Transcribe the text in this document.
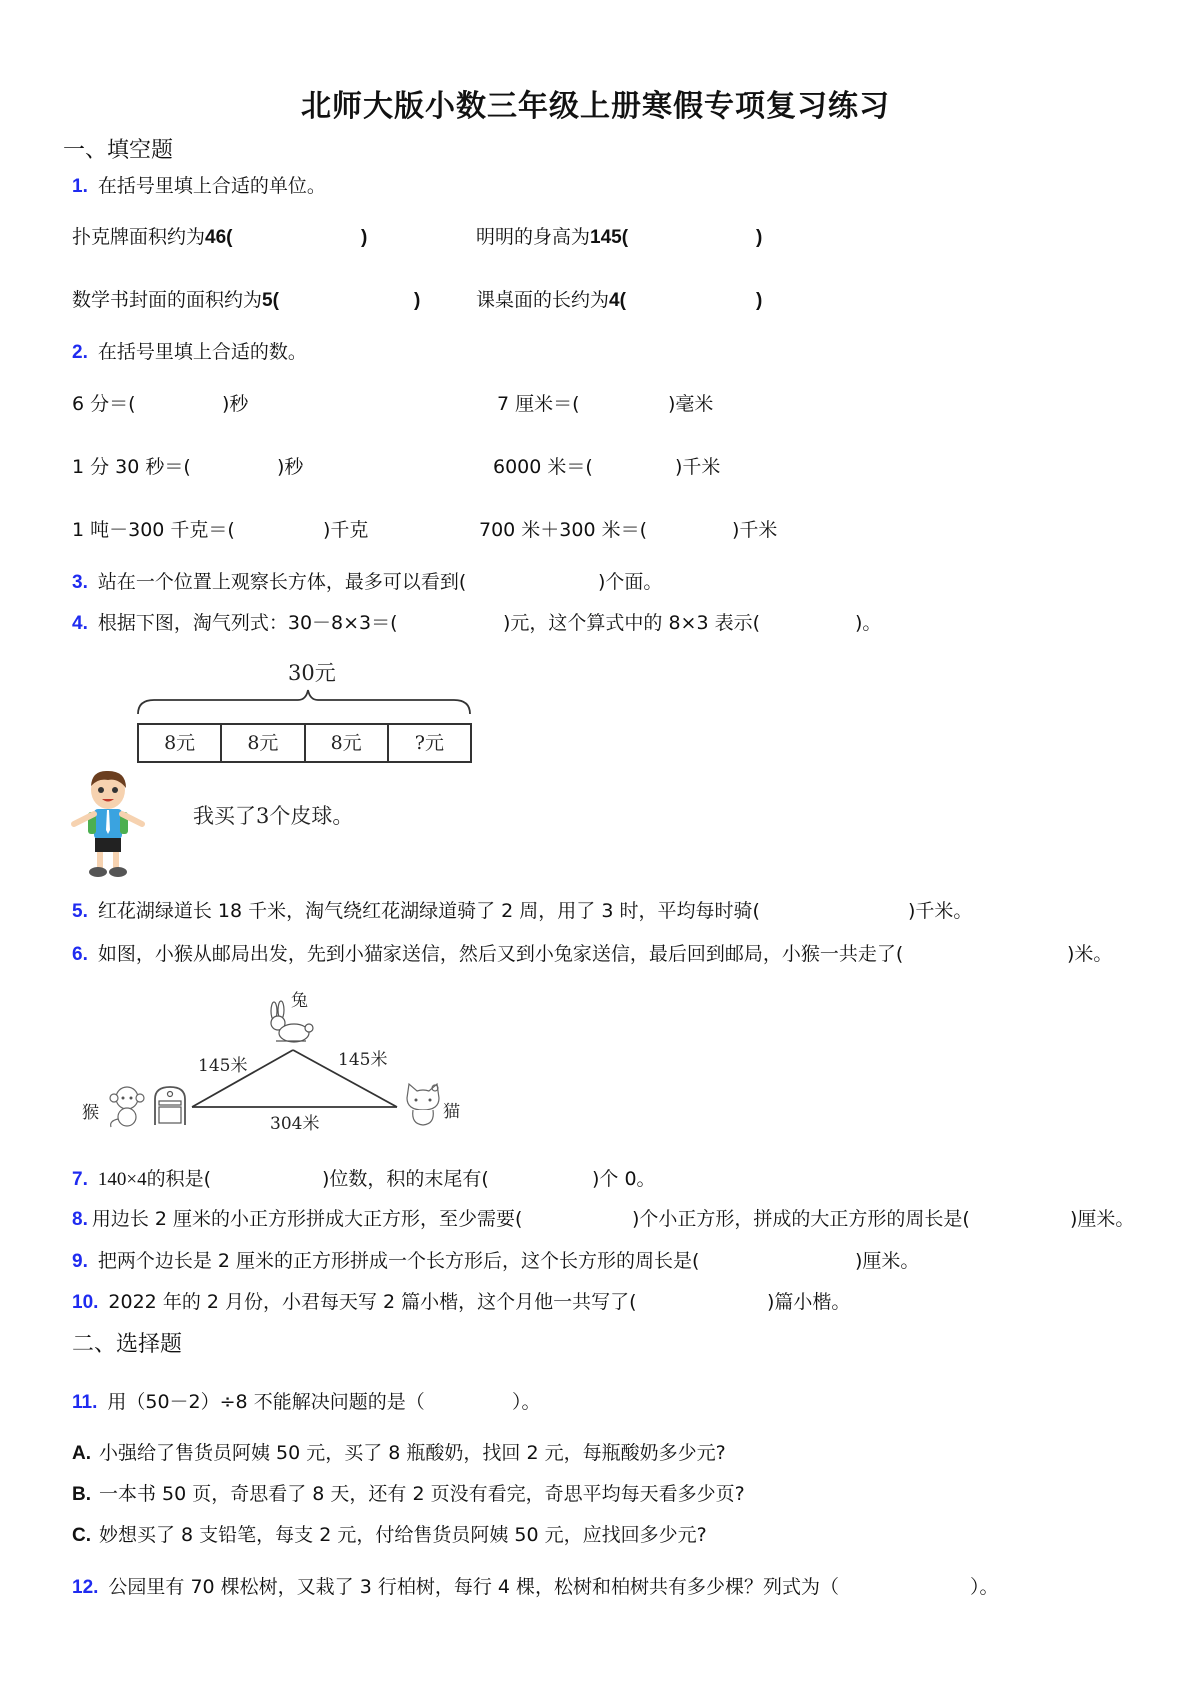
北师大版小数三年级上册寒假专项复习练习
一、填空题
1. 在括号里填上合适的单位。
扑克牌面积约为46(	)	明明的身高为145(	)
数学书封面的面积约为5(	)	课桌面的长约为4(	)
2. 在括号里填上合适的数。
6 分＝(	)秒	7 厘米＝(	)毫米
1 分 30 秒＝(	)秒	6000 米＝(	)千米
1 吨－300 千克＝(	)千克	700 米＋300 米＝(	)千米
3. 站在一个位置上观察长方体，最多可以看到(	)个面。
4. 根据下图，淘气列式：30－8×3＝(	)元，这个算式中的 8×3 表示(	)。
30元
8元	8元	8元	?元
我买了3个皮球。
5. 红花湖绿道长 18 千米，淘气绕红花湖绿道骑了 2 周，用了 3 时，平均每时骑(	)千米。
6. 如图，小猴从邮局出发，先到小猫家送信，然后又到小兔家送信，最后回到邮局，小猴一共走了(	)米。
兔
145米	145米
304米
猴	猫
7. 140×4的积是(	)位数，积的末尾有(	)个 0。
8. 用边长 2 厘米的小正方形拼成大正方形，至少需要(	)个小正方形，拼成的大正方形的周长是(	)厘米。
9. 把两个边长是 2 厘米的正方形拼成一个长方形后，这个长方形的周长是(	)厘米。
10. 2022 年的 2 月份，小君每天写 2 篇小楷，这个月他一共写了(	)篇小楷。
二、选择题
11. 用（50－2）÷8 不能解决问题的是（	）。
A. 小强给了售货员阿姨 50 元，买了 8 瓶酸奶，找回 2 元，每瓶酸奶多少元?
B. 一本书 50 页，奇思看了 8 天，还有 2 页没有看完，奇思平均每天看多少页?
C. 妙想买了 8 支铅笔，每支 2 元，付给售货员阿姨 50 元，应找回多少元?
12. 公园里有 70 棵松树，又栽了 3 行柏树，每行 4 棵，松树和柏树共有多少棵？列式为（	）。
